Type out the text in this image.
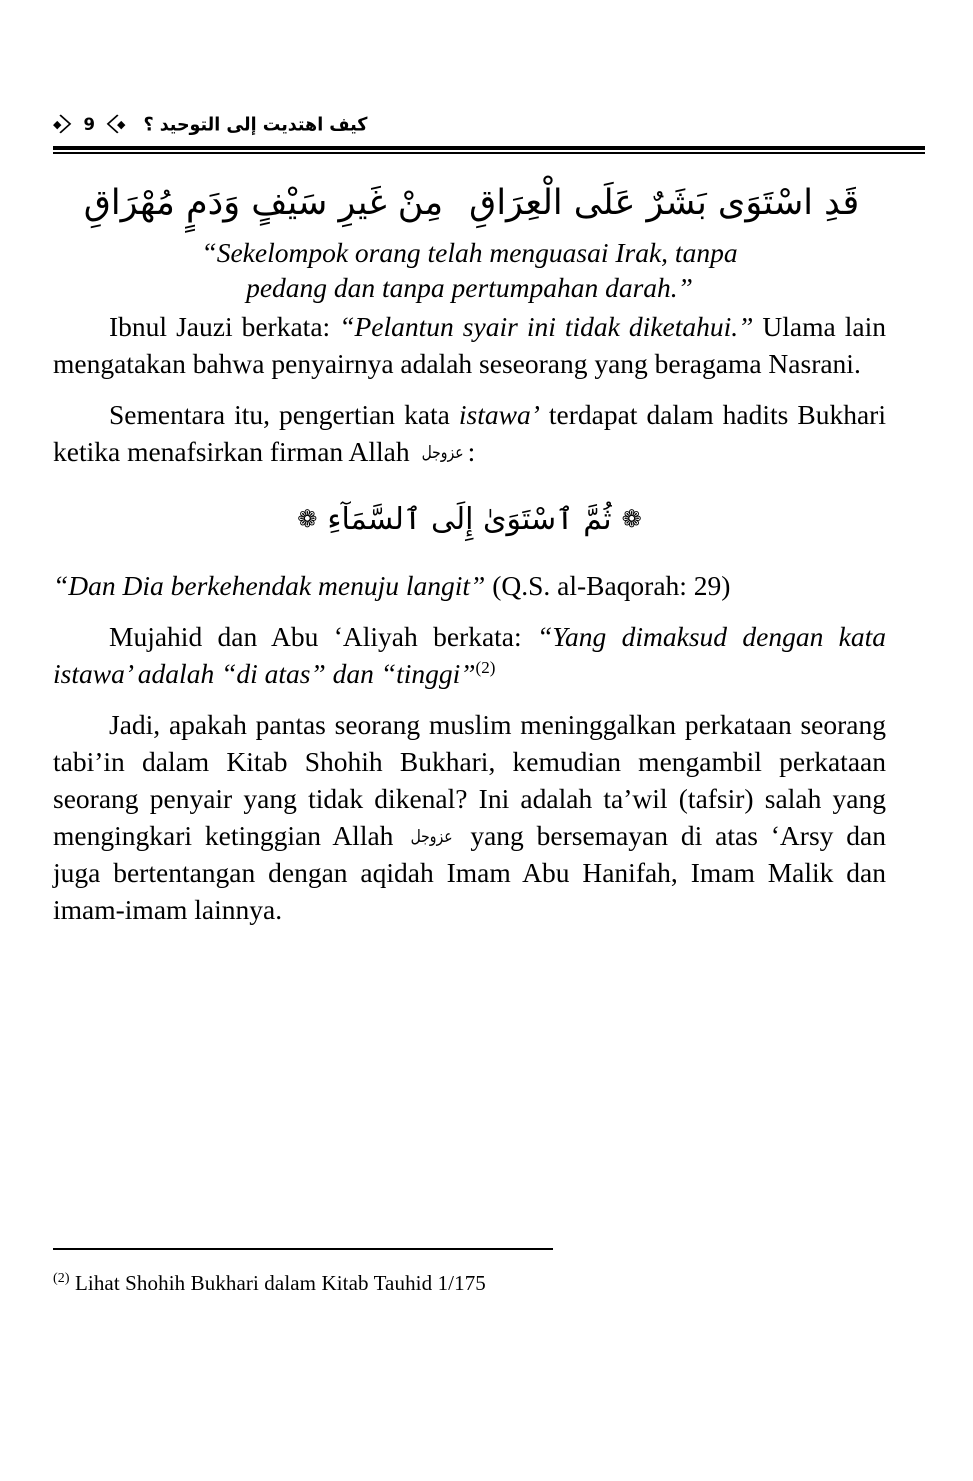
كيف اهتديت إلى التوحيد ؟
◆
〉 9 〈
◆
قَدِ اسْتَوَى بَشَرٌ عَلَى الْعِرَاقِمِنْ غَيرِ سَيْفٍ وَدَمٍ مُهْرَاقِ
“Sekelompok orang telah menguasai Irak, tanpa
pedang dan tanpa pertumpahan darah.”

Ibnul Jauzi berkata: “Pelantun syair ini tidak diketahui.” Ulama lain mengatakan bahwa penyairnya adalah seseorang yang beragama Nasrani.

Sementara itu, pengertian kata istawa’ terdapat dalam hadits Bukhari ketika menafsirkan firman Allah عزوجل :

❁ثُمَّ ٱسْتَوَىٰ إِلَى ٱلسَّمَآءِ❁

“Dan Dia berkehendak menuju langit” (Q.S. al-Baqorah: 29)

Mujahid dan Abu ‘Aliyah berkata: “Yang dimaksud dengan kata istawa’ adalah “di atas” dan “tinggi”$^{(2)}$

Jadi, apakah pantas seorang muslim meninggalkan perkataan seorang tabi’in dalam Kitab Shohih Bukhari, kemudian mengambil perkataan seorang penyair yang tidak dikenal? Ini adalah ta’wil (tafsir) salah yang mengingkari ketinggian Allah عزوجل yang bersemayan di atas ‘Arsy dan juga bertentangan dengan aqidah Imam Abu Hanifah, Imam Malik dan imam-imam lainnya.

$^{(2)}$ Lihat Shohih Bukhari dalam Kitab Tauhid 1/175
